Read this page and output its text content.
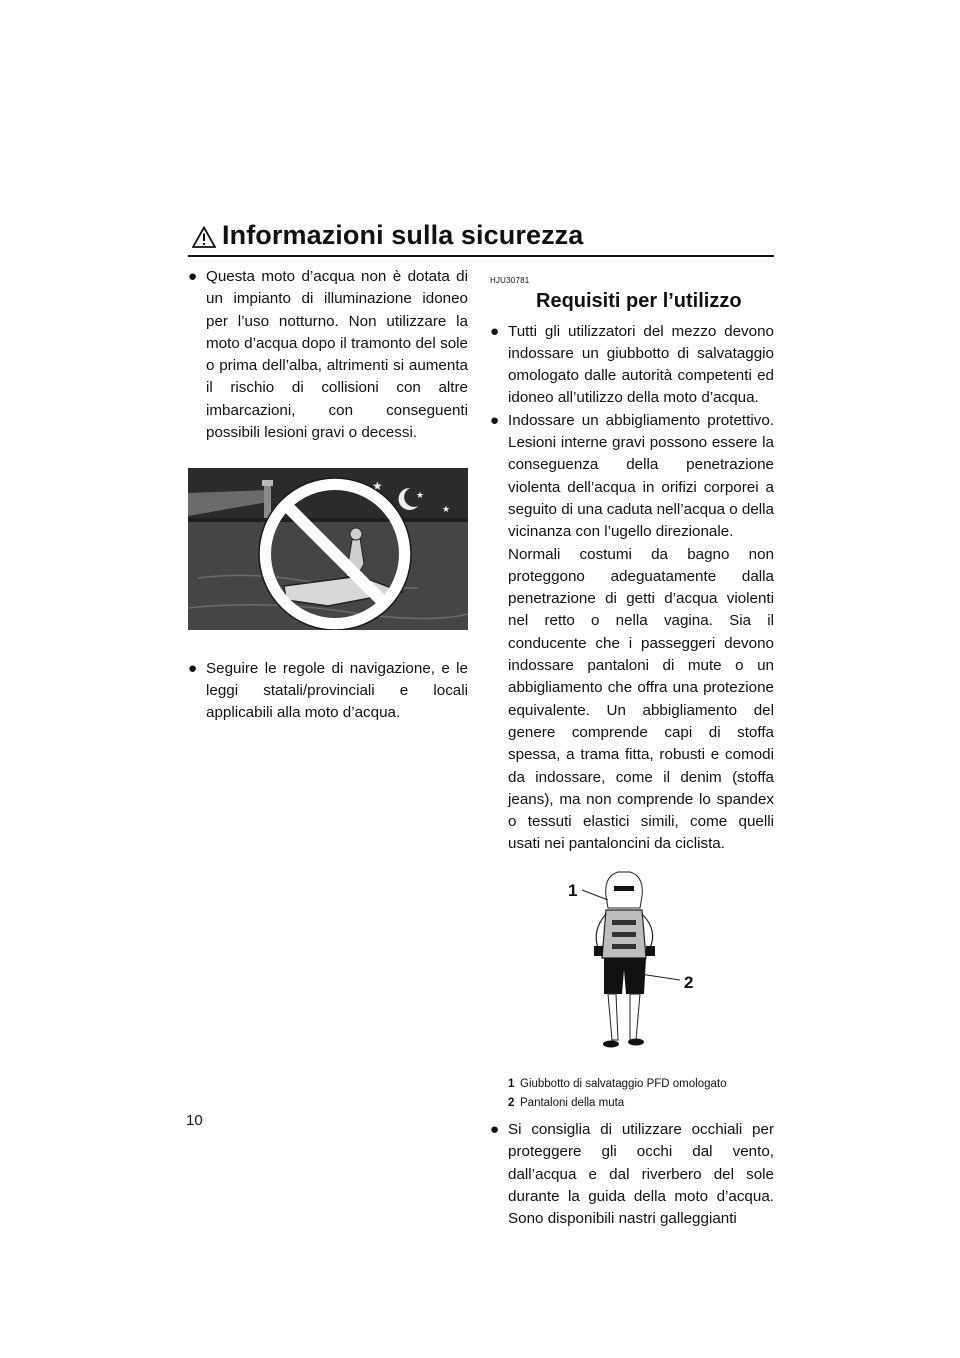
Informazioni sulla sicurezza
● Questa moto d’acqua non è dotata di un impianto di illuminazione idoneo per l’uso notturno. Non utilizzare la moto d’acqua dopo il tramonto del sole o prima dell’alba, altrimenti si aumenta il rischio di collisioni con altre imbarcazioni, con conseguenti possibili lesioni gravi o decessi.
★
★
★
● Seguire le regole di navigazione, e le leggi statali/provinciali e locali applicabili alla moto d’acqua.
HJU30781
Requisiti per l’utilizzo
● Tutti gli utilizzatori del mezzo devono indossare un giubbotto di salvataggio omologato dalle autorità competenti ed idoneo all’utilizzo della moto d’acqua.
● Indossare un abbigliamento protettivo. Lesioni interne gravi possono essere la conseguenza della penetrazione violenta dell’acqua in orifizi corporei a seguito di una caduta nell’acqua o della vicinanza con l’ugello direzionale.
Normali costumi da bagno non proteggono adeguatamente dalla penetrazione di getti d’acqua violenti nel retto o nella vagina. Sia il conducente che i passeggeri devono indossare pantaloni di mute o un abbigliamento che offra una protezione equivalente. Un abbigliamento del genere comprende capi di stoffa spessa, a trama fitta, robusti e comodi da indossare, come il denim (stoffa jeans), ma non comprende lo spandex o tessuti elastici simili, come quelli usati nei pantaloncini da ciclista.
1
2
1 Giubbotto di salvataggio PFD omologato
2 Pantaloni della muta
● Si consiglia di utilizzare occhiali per proteggere gli occhi dal vento, dall’acqua e dal riverbero del sole durante la guida della moto d’acqua. Sono disponibili nastri galleggianti
10
